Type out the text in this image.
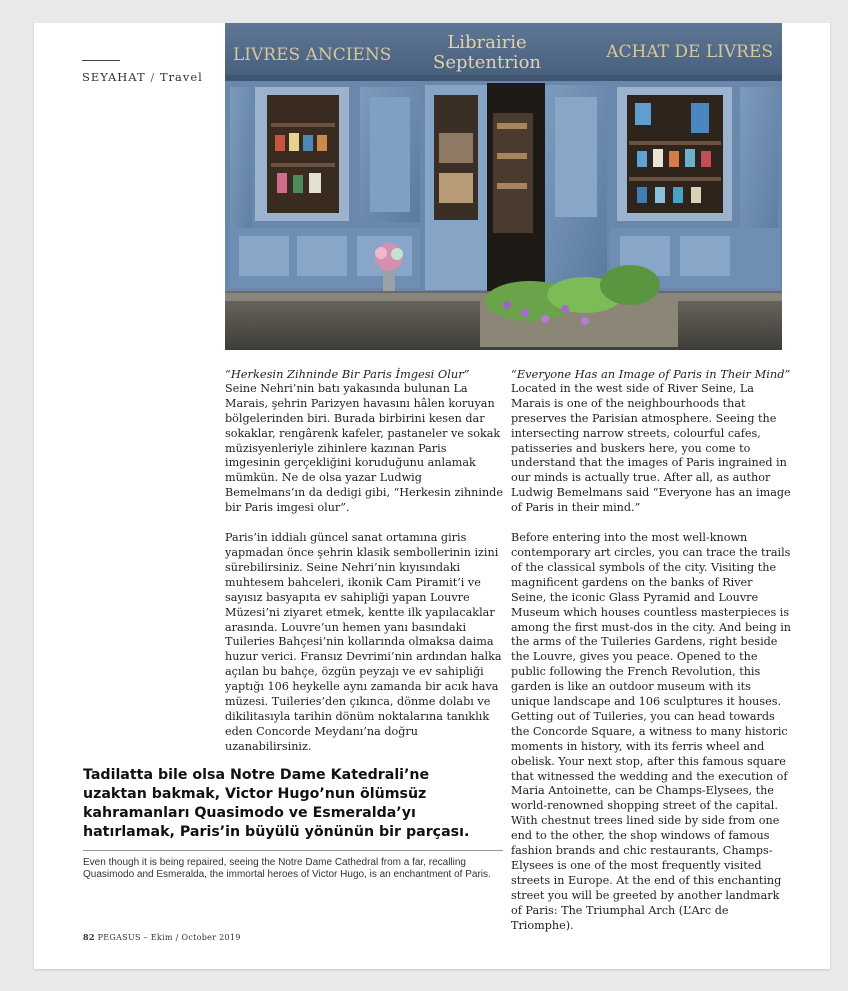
SEYAHAT / Travel
LIVRES ANCIENS
Librairie
Septentrion	ACHAT DE LIVRES
“Herkesin Zihninde Bir Paris İmgesi Olur”

Seine Nehri’nin batı yakasında bulunan La Marais, şehrin Parizyen havasını hâlen koruyan bölgelerinden biri. Burada birbirini kesen dar sokaklar, rengârenk kafeler, pastaneler ve sokak müzisyenleriyle zihinlere kazınan Paris imgesinin gerçekliğini koruduğunu anlamak mümkün. Ne de olsa yazar Ludwig Bemelmans’ın da dedigi gibi, “Herkesin zihninde bir Paris imgesi olur”.

Paris’in iddialı güncel sanat ortamına giris yapmadan önce şehrin klasik sembollerinin izini sürebilirsiniz. Seine Nehri’nin kıyısındaki muhtesem bahceleri, ikonik Cam Piramit’i ve sayısız basyapıta ev sahipliği yapan Louvre Müzesi’ni ziyaret etmek, kentte ilk yapılacaklar arasında. Louvre’un hemen yanı basındaki Tuileries Bahçesi’nin kollarında olmaksa daima huzur verici. Fransız Devrimi’nin ardından halka açılan bu bahçe, özgün peyzajı ve ev sahipliği yaptığı 106 heykelle aynı zamanda bir acık hava müzesi. Tuileries’den çıkınca, dönme dolabı ve dikilitasıyla tarihin dönüm noktalarına tanıklık eden Concorde Meydanı’na doğru uzanabilirsiniz.

“Everyone Has an Image of Paris in Their Mind”

Located in the west side of River Seine, La Marais is one of the neighbourhoods that preserves the Parisian atmosphere. Seeing the intersecting narrow streets, colourful cafes, patisseries and buskers here, you come to understand that the images of Paris ingrained in our minds is actually true. After all, as author Ludwig Bemelmans said “Everyone has an image of Paris in their mind.”

Before entering into the most well-known contemporary art circles, you can trace the trails of the classical symbols of the city. Visiting the magnificent gardens on the banks of River Seine, the iconic Glass Pyramid and Louvre Museum which houses countless masterpieces is among the first must-dos in the city. And being in the arms of the Tuileries Gardens, right beside the Louvre, gives you peace. Opened to the public following the French Revolution, this garden is like an outdoor museum with its unique landscape and 106 sculptures it houses. Getting out of Tuileries, you can head towards the Concorde Square, a witness to many historic moments in history, with its ferris wheel and obelisk. Your next stop, after this famous square that witnessed the wedding and the execution of Maria Antoinette, can be Champs-Elysees, the world-renowned shopping street of the capital. With chestnut trees lined side by side from one end to the other, the shop windows of famous fashion brands and chic restaurants, Champs-Elysees is one of the most frequently visited streets in Europe. At the end of this enchanting street you will be greeted by another landmark of Paris: The Triumphal Arch (L’Arc de Triomphe).

Tadilatta bile olsa Notre Dame Katedrali’ne uzaktan bakmak, Victor Hugo’nun ölümsüz kahramanları Quasimodo ve Esmeralda’yı hatırlamak, Paris’in büyülü yönünün bir parçası.
Even though it is being repaired, seeing the Notre Dame Cathedral from a far, recalling Quasimodo and Esmeralda, the immortal heroes of Victor Hugo, is an enchantment of Paris.
82 PEGASUS – Ekim / October 2019
